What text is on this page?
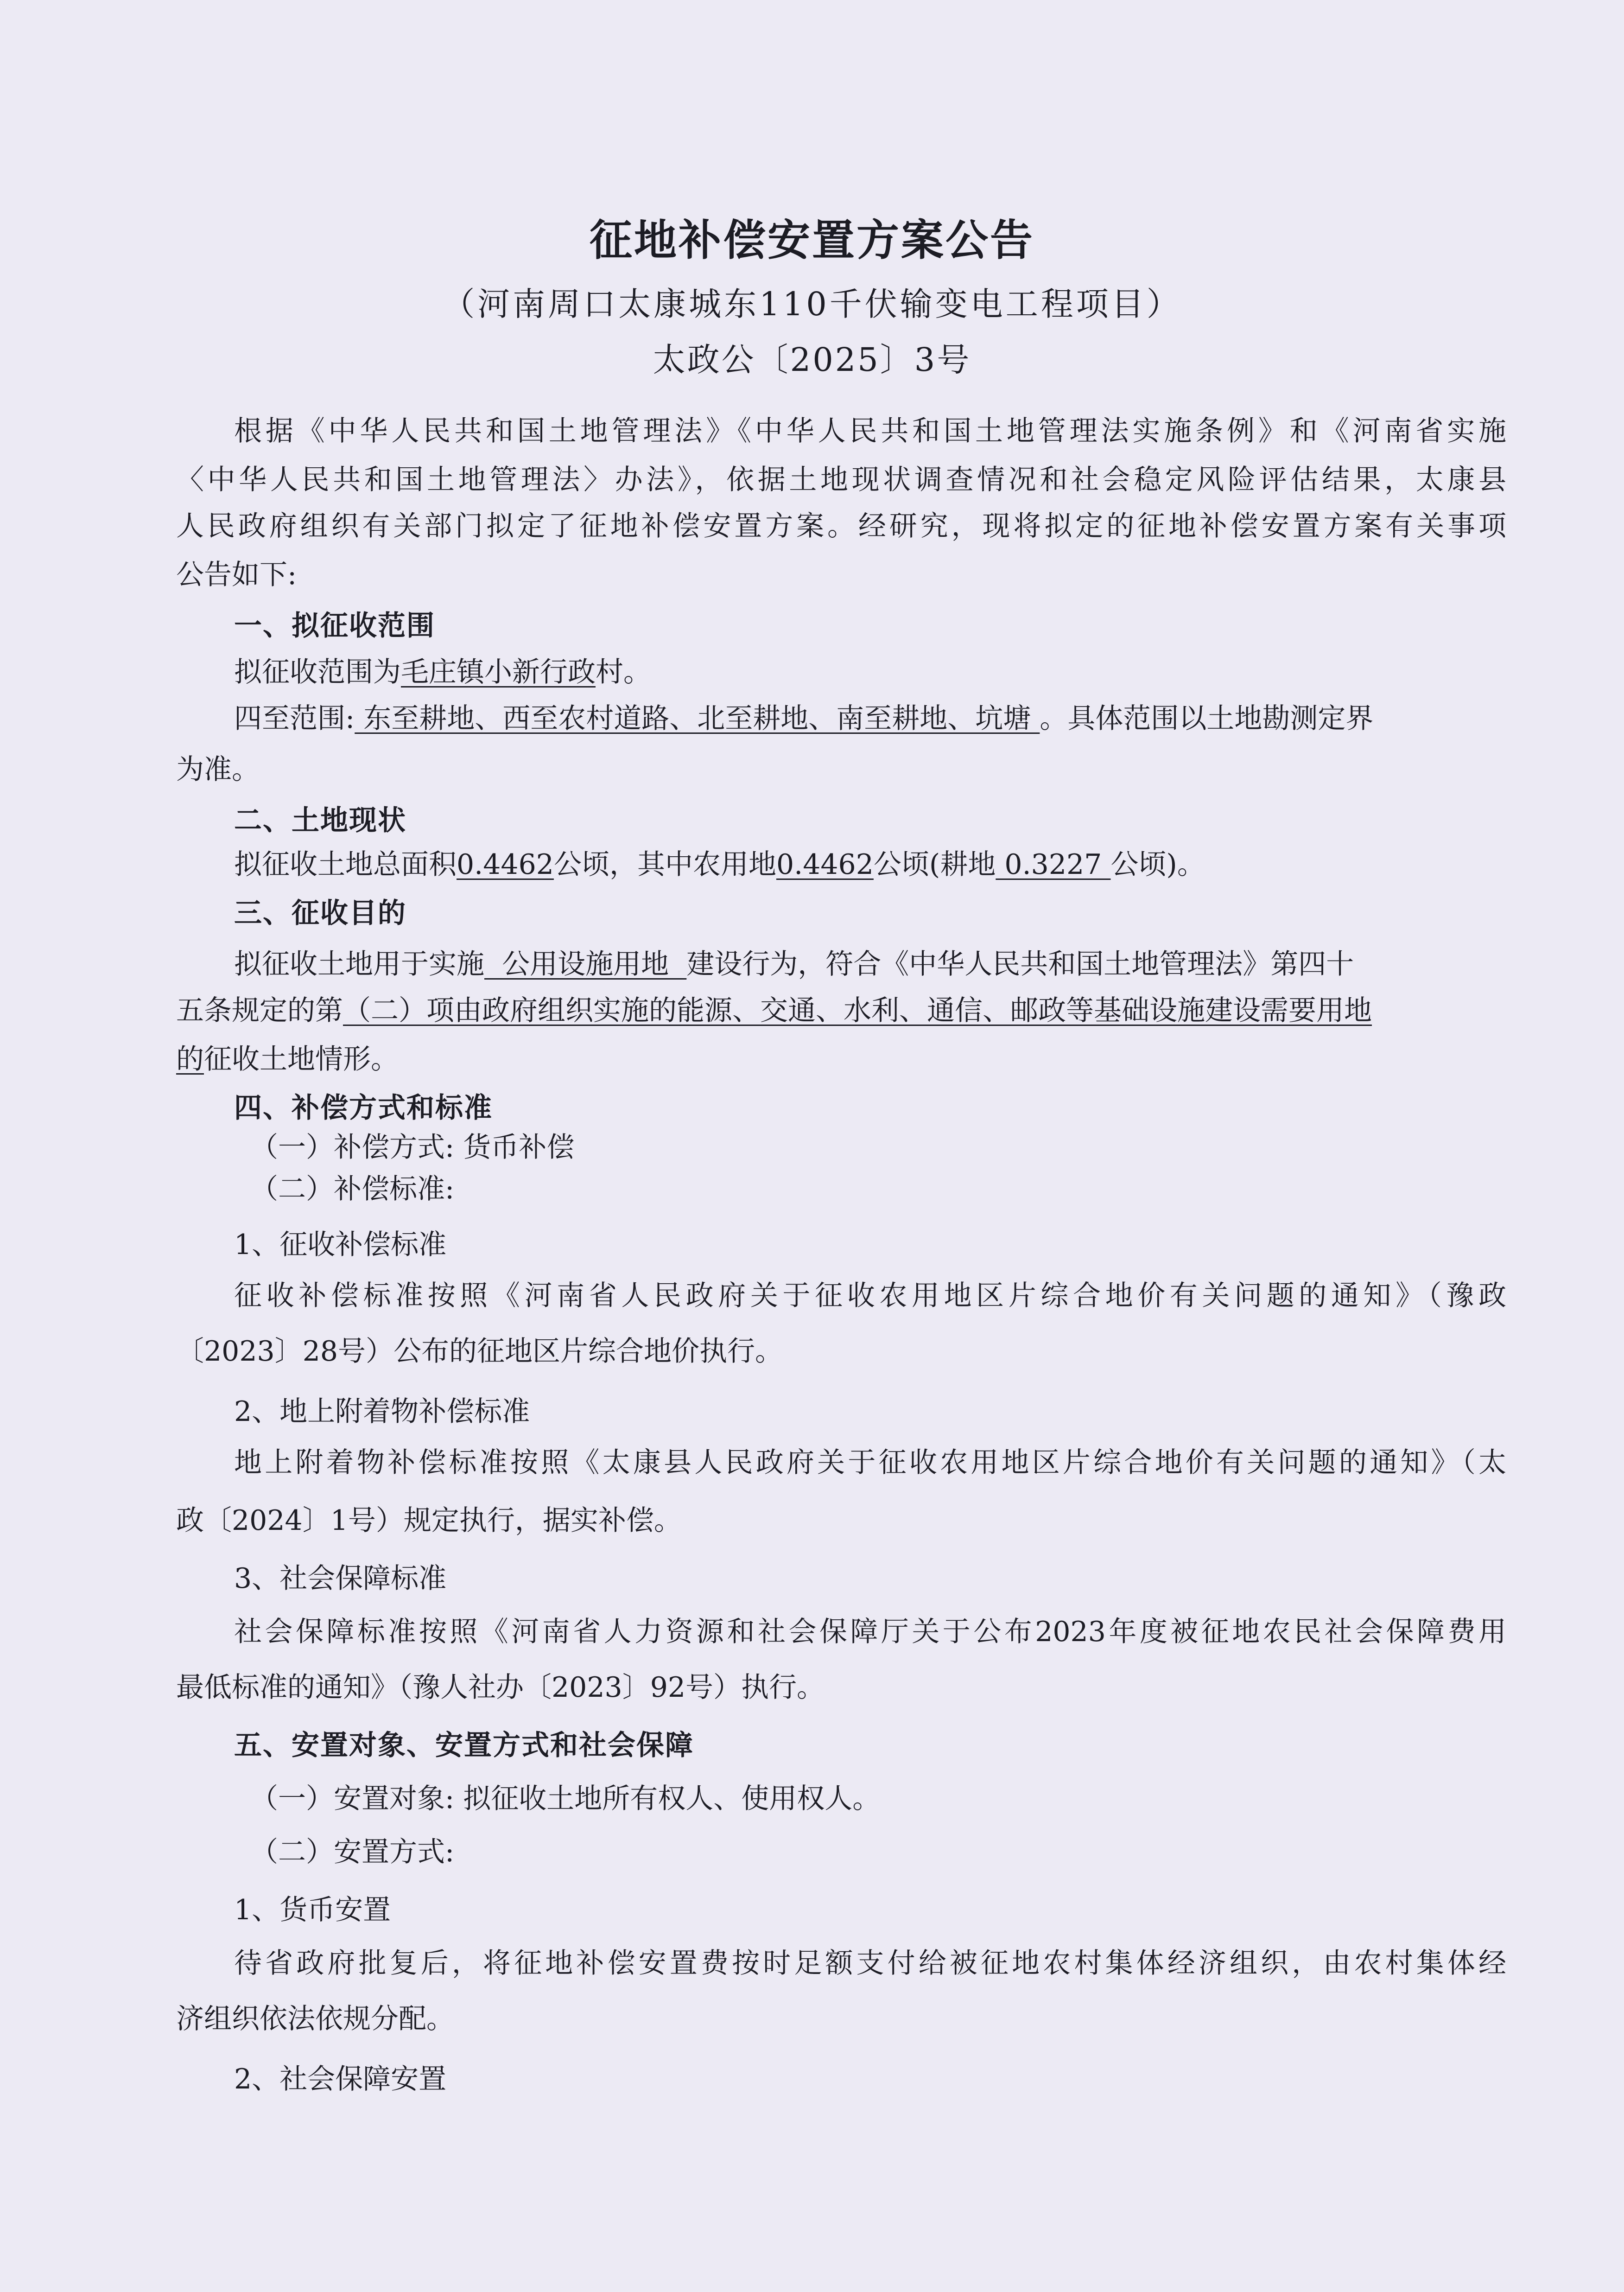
征地补偿安置方案公告
（河南周口太康城东110千伏输变电工程项目）
太政公〔2025〕3号
根据《中华人民共和国土地管理法》《中华人民共和国土地管理法实施条例》和《河南省实施
〈中华人民共和国土地管理法〉办法》，依据土地现状调查情况和社会稳定风险评估结果，太康县
人民政府组织有关部门拟定了征地补偿安置方案。经研究，现将拟定的征地补偿安置方案有关事项
公告如下:
一、拟征收范围
拟征收范围为毛庄镇小新行政村。
四至范围: 东至耕地、西至农村道路、北至耕地、南至耕地、坑塘 。具体范围以土地勘测定界
为准。
二、土地现状
拟征收土地总面积0.4462公顷，其中农用地0.4462公顷(耕地 0.3227 公顷)。
三、征收目的
拟征收土地用于实施  公用设施用地  建设行为，符合《中华人民共和国土地管理法》第四十
五条规定的第（二）项由政府组织实施的能源、交通、水利、通信、邮政等基础设施建设需要用地
的征收土地情形。
四、补偿方式和标准
（一）补偿方式: 货币补偿
（二）补偿标准:
1、征收补偿标准
征收补偿标准按照《河南省人民政府关于征收农用地区片综合地价有关问题的通知》（豫政
〔2023〕28号）公布的征地区片综合地价执行。
2、地上附着物补偿标准
地上附着物补偿标准按照《太康县人民政府关于征收农用地区片综合地价有关问题的通知》（太
政〔2024〕1号）规定执行，据实补偿。
3、社会保障标准
社会保障标准按照《河南省人力资源和社会保障厅关于公布2023年度被征地农民社会保障费用
最低标准的通知》（豫人社办〔2023〕92号）执行。
五、安置对象、安置方式和社会保障
（一）安置对象: 拟征收土地所有权人、使用权人。
（二）安置方式:
1、货币安置
待省政府批复后，将征地补偿安置费按时足额支付给被征地农村集体经济组织，由农村集体经
济组织依法依规分配。
2、社会保障安置
